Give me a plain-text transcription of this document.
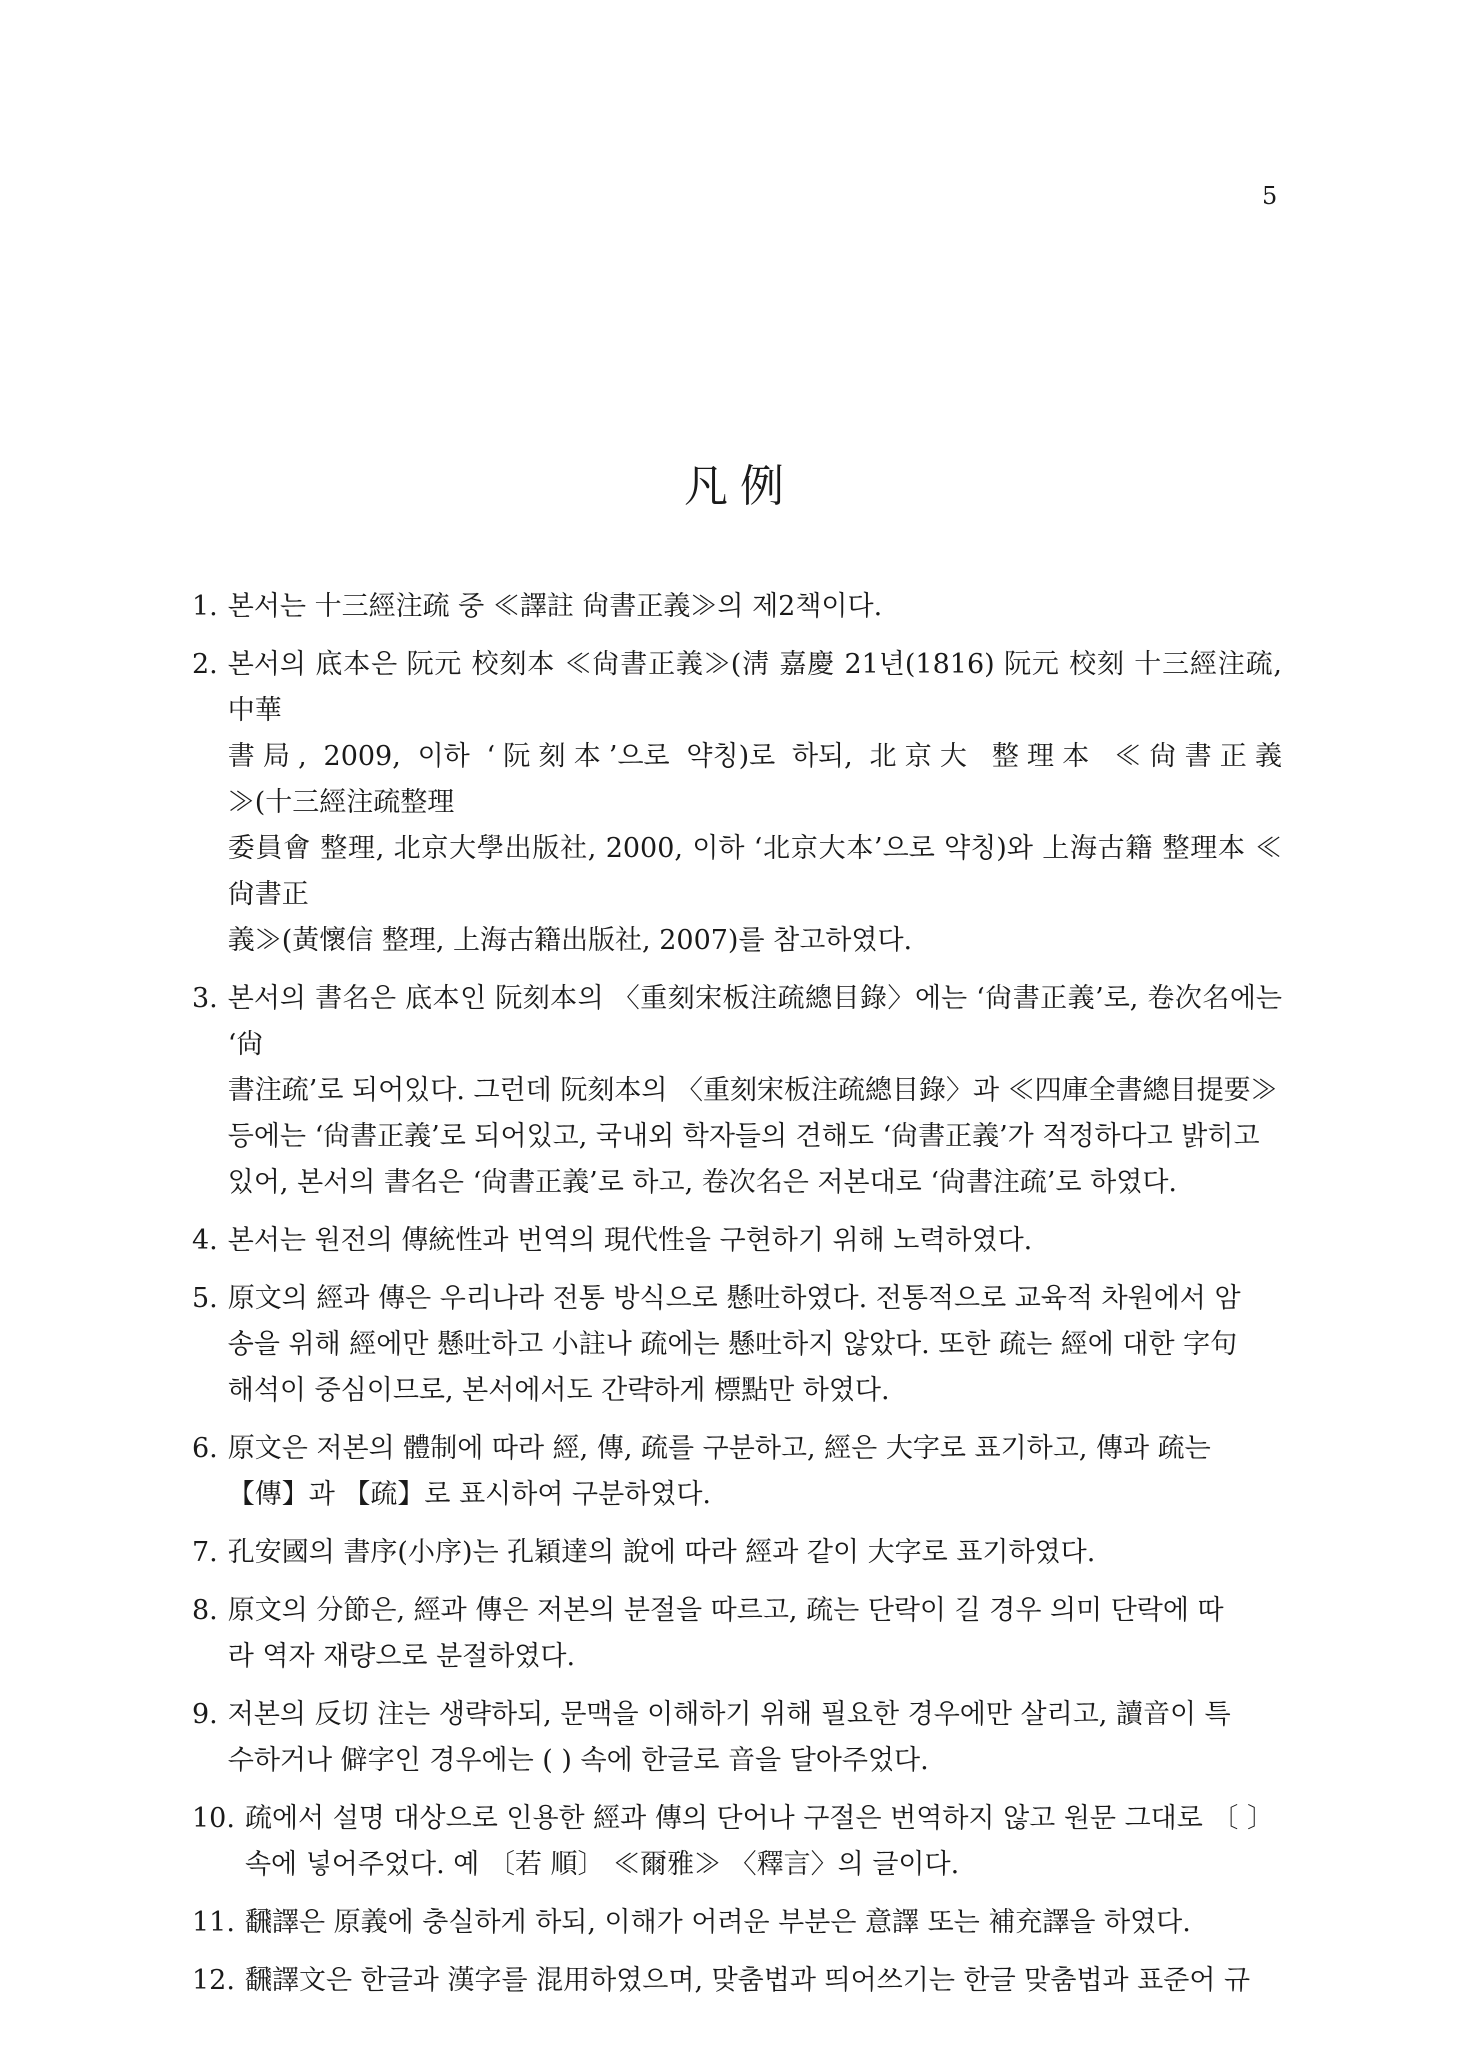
5
凡例
1. 본서는 十三經注疏 중 ≪譯註 尙書正義≫의 제2책이다.
2. 본서의 底本은 阮元 校刻本 ≪尙書正義≫(淸 嘉慶 21년(1816) 阮元 校刻 十三經注疏, 中華
書局, 2009, 이하 ‘阮刻本’으로 약칭)로 하되, 北京大 整理本 ≪尙書正義≫(十三經注疏整理
委員會 整理, 北京大學出版社, 2000, 이하 ‘北京大本’으로 약칭)와 上海古籍 整理本 ≪尙書正
義≫(黃懷信 整理, 上海古籍出版社, 2007)를 참고하였다.
3. 본서의 書名은 底本인 阮刻本의 〈重刻宋板注疏總目錄〉에는 ‘尙書正義’로, 卷次名에는 ‘尙
書注疏’로 되어있다. 그런데 阮刻本의 〈重刻宋板注疏總目錄〉과 ≪四庫全書總目提要≫
등에는 ‘尙書正義’로 되어있고, 국내외 학자들의 견해도 ‘尙書正義’가 적정하다고 밝히고
있어, 본서의 書名은 ‘尙書正義’로 하고, 卷次名은 저본대로 ‘尙書注疏’로 하였다.
4. 본서는 원전의 傳統性과 번역의 現代性을 구현하기 위해 노력하였다.
5. 原文의 經과 傳은 우리나라 전통 방식으로 懸吐하였다. 전통적으로 교육적 차원에서 암
송을 위해 經에만 懸吐하고 小註나 疏에는 懸吐하지 않았다. 또한 疏는 經에 대한 字句
해석이 중심이므로, 본서에서도 간략하게 標點만 하였다.
6. 原文은 저본의 體制에 따라 經, 傳, 疏를 구분하고, 經은 大字로 표기하고, 傳과 疏는
【傳】과 【疏】로 표시하여 구분하였다.
7. 孔安國의 書序(小序)는 孔穎達의 說에 따라 經과 같이 大字로 표기하였다.
8. 原文의 分節은, 經과 傳은 저본의 분절을 따르고, 疏는 단락이 길 경우 의미 단락에 따
라 역자 재량으로 분절하였다.
9. 저본의 反切 注는 생략하되, 문맥을 이해하기 위해 필요한 경우에만 살리고, 讀音이 특
수하거나 僻字인 경우에는 ( ) 속에 한글로 音을 달아주었다.
10. 疏에서 설명 대상으로 인용한 經과 傳의 단어나 구절은 번역하지 않고 원문 그대로 〔 〕
속에 넣어주었다. 예 〔若 順〕 ≪爾雅≫ 〈釋言〉의 글이다.
11. 飜譯은 原義에 충실하게 하되, 이해가 어려운 부분은 意譯 또는 補充譯을 하였다.
12. 飜譯文은 한글과 漢字를 混用하였으며, 맞춤법과 띄어쓰기는 한글 맞춤법과 표준어 규
